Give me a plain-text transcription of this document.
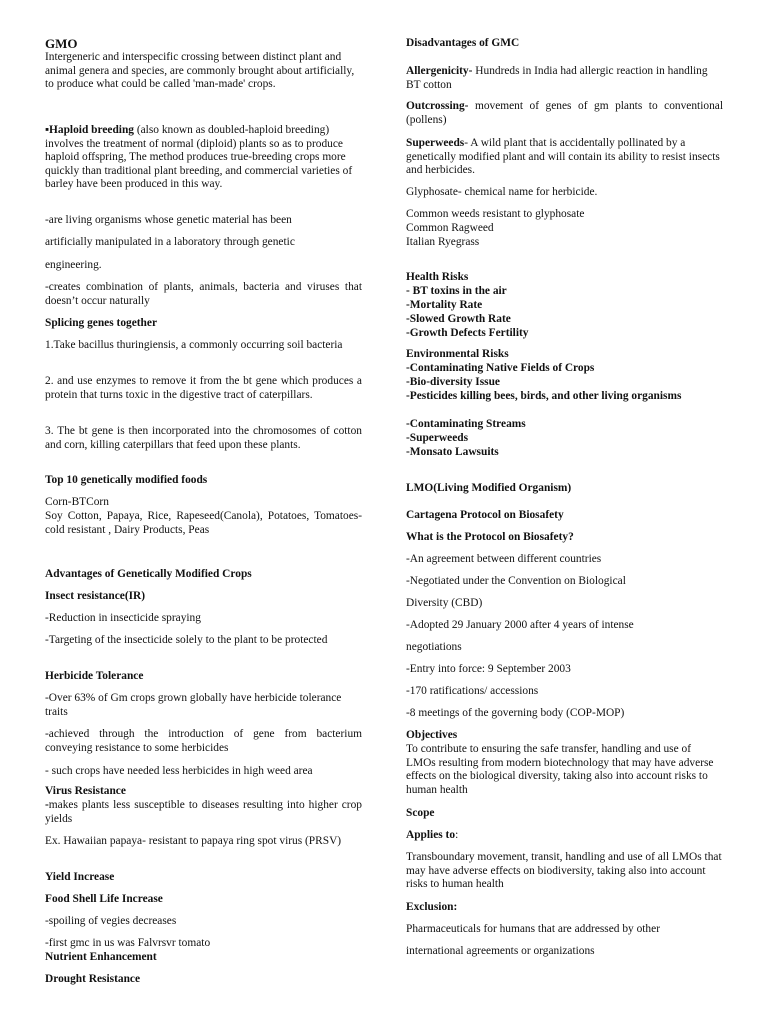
GMO

Intergeneric and interspecific crossing between distinct plant and animal genera and species, are commonly brought about artificially, to produce what could be called 'man-made' crops.

▪Haploid breeding (also known as doubled-haploid breeding) involves the treatment of normal (diploid) plants so as to produce haploid offspring, The method produces true-breeding crops more quickly than traditional plant breeding, and commercial varieties of barley have been produced in this way.

-are living organisms whose genetic material has been

artificially manipulated in a laboratory through genetic

engineering.

-creates combination of plants, animals, bacteria and viruses that doesn’t occur naturally

Splicing genes together

1.Take bacillus thuringiensis, a commonly occurring soil bacteria

2. and use enzymes to remove it from the bt gene which produces a protein that turns toxic in the digestive tract of caterpillars.

3. The bt gene is then incorporated into the chromosomes of cotton and corn, killing caterpillars that feed upon these plants.

Top 10 genetically modified foods

Corn-BTCorn

Soy Cotton, Papaya, Rice, Rapeseed(Canola), Potatoes, Tomatoes-cold resistant , Dairy Products, Peas

Advantages of Genetically Modified Crops

Insect resistance(IR)

-Reduction in insecticide spraying

-Targeting of the insecticide solely to the plant to be protected

Herbicide Tolerance

-Over 63% of Gm crops grown globally have herbicide tolerance traits

-achieved through the introduction of gene from bacterium conveying resistance to some herbicides

- such crops have needed less herbicides in high weed area

Virus Resistance

-makes plants less susceptible to diseases resulting into higher crop yields

Ex. Hawaiian papaya- resistant to papaya ring spot virus (PRSV)

Yield Increase

Food Shell Life Increase

-spoiling of vegies decreases

-first gmc in us was Falvrsvr tomato

Nutrient Enhancement

Drought Resistance

Disadvantages of GMC

Allergenicity- Hundreds in India had allergic reaction in handling BT cotton

Outcrossing- movement of genes of gm plants to conventional (pollens)

Superweeds- A wild plant that is accidentally pollinated by a genetically modified plant and will contain its ability to resist insects and herbicides.

Glyphosate- chemical name for herbicide.

Common weeds resistant to glyphosate

Common Ragweed

Italian Ryegrass

Health Risks

- BT toxins in the air

-Mortality Rate

-Slowed Growth Rate

-Growth Defects Fertility

Environmental Risks

-Contaminating Native Fields of Crops

-Bio-diversity Issue

-Pesticides killing bees, birds, and other living organisms

-Contaminating Streams

-Superweeds

-Monsato Lawsuits

LMO(Living Modified Organism)

Cartagena Protocol on Biosafety

What is the Protocol on Biosafety?

-An agreement between different countries

-Negotiated under the Convention on Biological

Diversity (CBD)

-Adopted 29 January 2000 after 4 years of intense

negotiations

-Entry into force: 9 September 2003

-170 ratifications/ accessions

-8 meetings of the governing body (COP-MOP)

Objectives

To contribute to ensuring the safe transfer, handling and use of LMOs resulting from modern biotechnology that may have adverse effects on the biological diversity, taking also into account risks to human health

Scope

Applies to:

Transboundary movement, transit, handling and use of all LMOs that may have adverse effects on biodiversity, taking also into account risks to human health

Exclusion:

Pharmaceuticals for humans that are addressed by other

international agreements or organizations
